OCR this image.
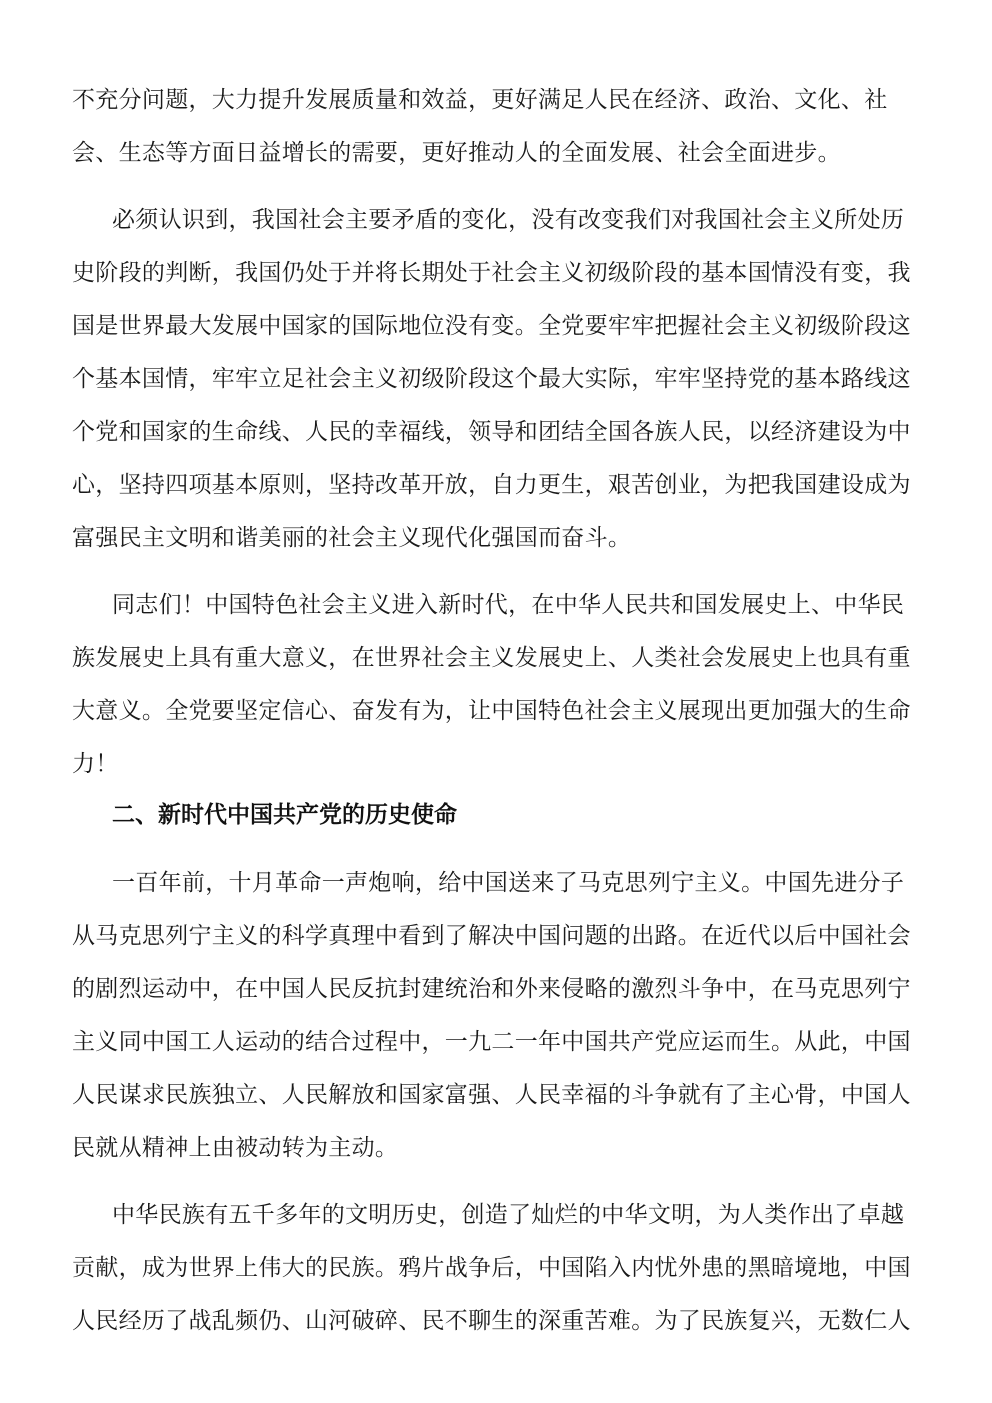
不充分问题，大力提升发展质量和效益，更好满足人民在经济、政治、文化、社
会、生态等方面日益增长的需要，更好推动人的全面发展、社会全面进步。
必须认识到，我国社会主要矛盾的变化，没有改变我们对我国社会主义所处历
史阶段的判断，我国仍处于并将长期处于社会主义初级阶段的基本国情没有变，我
国是世界最大发展中国家的国际地位没有变。全党要牢牢把握社会主义初级阶段这
个基本国情，牢牢立足社会主义初级阶段这个最大实际，牢牢坚持党的基本路线这
个党和国家的生命线、人民的幸福线，领导和团结全国各族人民，以经济建设为中
心，坚持四项基本原则，坚持改革开放，自力更生，艰苦创业，为把我国建设成为
富强民主文明和谐美丽的社会主义现代化强国而奋斗。
同志们！中国特色社会主义进入新时代，在中华人民共和国发展史上、中华民
族发展史上具有重大意义，在世界社会主义发展史上、人类社会发展史上也具有重
大意义。全党要坚定信心、奋发有为，让中国特色社会主义展现出更加强大的生命
力！
二、新时代中国共产党的历史使命
一百年前，十月革命一声炮响，给中国送来了马克思列宁主义。中国先进分子
从马克思列宁主义的科学真理中看到了解决中国问题的出路。在近代以后中国社会
的剧烈运动中，在中国人民反抗封建统治和外来侵略的激烈斗争中，在马克思列宁
主义同中国工人运动的结合过程中，一九二一年中国共产党应运而生。从此，中国
人民谋求民族独立、人民解放和国家富强、人民幸福的斗争就有了主心骨，中国人
民就从精神上由被动转为主动。
中华民族有五千多年的文明历史，创造了灿烂的中华文明，为人类作出了卓越
贡献，成为世界上伟大的民族。鸦片战争后，中国陷入内忧外患的黑暗境地，中国
人民经历了战乱频仍、山河破碎、民不聊生的深重苦难。为了民族复兴，无数仁人
